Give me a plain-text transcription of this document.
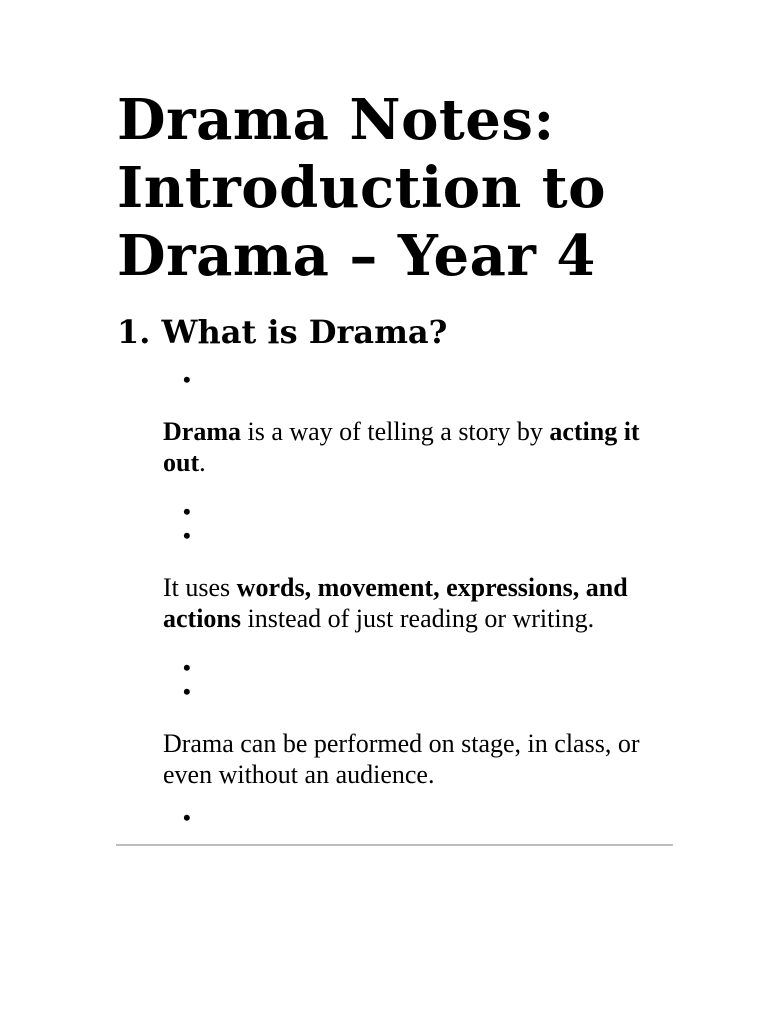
Drama Notes:
Introduction to
Drama – Year 4
1. What is Drama?
•

Drama is a way of telling a story by acting it out.

•
•

It uses words, movement, expressions, and actions instead of just reading or writing.

•
•

Drama can be performed on stage, in class, or even without an audience.

•
